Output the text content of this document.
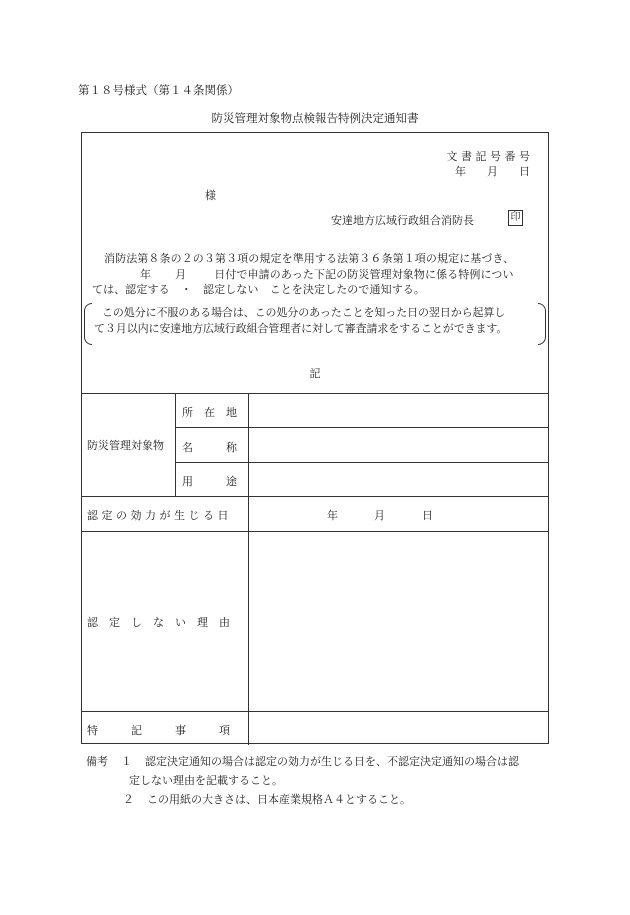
第１８号様式（第１４条関係）
防災管理対象物点検報告特例決定通知書
文 書 記 号 番 号
年 月 日
様
安達地方広域行政組合消防長	印
消防法第８条の２の３第３項の規定を準用する法第３６条第１項の規定に基づき、
年 月	日付で申請のあった下記の防災管理対象物に係る特例につい
ては、認定する　・　認定しない　ことを決定したので通知する。
この処分に不服のある場合は、この処分のあったことを知った日の翌日から起算し
て３月以内に安達地方広域行政組合管理者に対して審査請求をすることができます。
記
防災管理対象物
所　在　地
名　　　称
用　　　途
認 定 の 効 力 が 生 じ る 日	年	月	日
認　定　し　な　い　理　由
特　　　記　　　事　　　項
備考 １ 認定決定通知の場合は認定の効力が生じる日を、不認定決定通知の場合は認
定しない理由を記載すること。
２ この用紙の大きさは、日本産業規格Ａ４とすること。
